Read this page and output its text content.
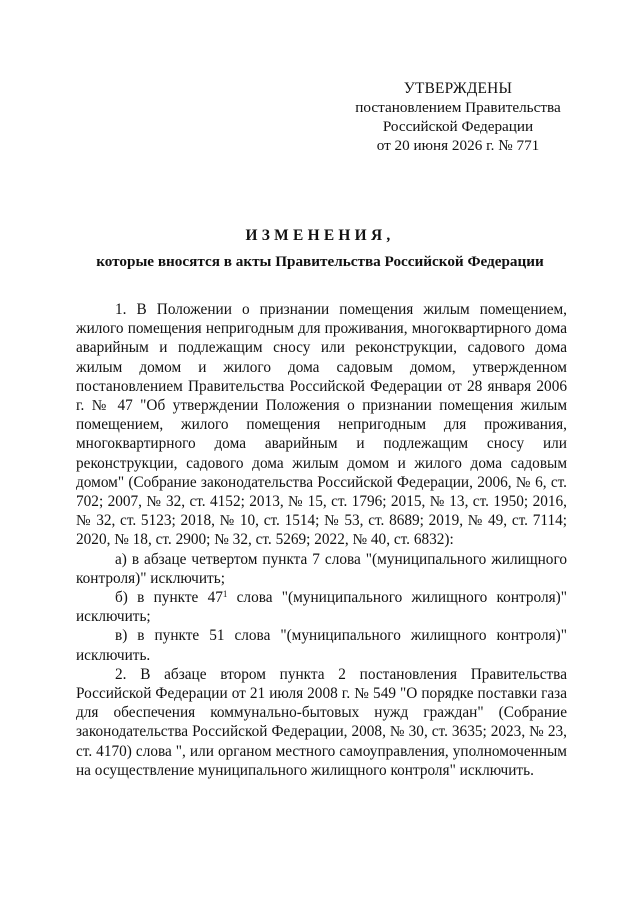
УТВЕРЖДЕНЫ
постановлением Правительства
Российской Федерации
от 20 июня 2026 г. № 771
ИЗМЕНЕНИЯ,
которые вносятся в акты Правительства Российской Федерации

1. В Положении о признании помещения жилым помещением, жилого помещения непригодным для проживания, многоквартирного дома аварийным и подлежащим сносу или реконструкции, садового дома жилым домом и жилого дома садовым домом, утвержденном постановлением Правительства Российской Федерации от 28 января 2006 г. № 47 "Об утверждении Положения о признании помещения жилым помещением, жилого помещения непригодным для проживания, многоквартирного дома аварийным и подлежащим сносу или реконструкции, садового дома жилым домом и жилого дома садовым домом" (Собрание законодательства Российской Федерации, 2006, № 6, ст. 702; 2007, № 32, ст. 4152; 2013, № 15, ст. 1796; 2015, № 13, ст. 1950; 2016, № 32, ст. 5123; 2018, № 10, ст. 1514; № 53, ст. 8689; 2019, № 49, ст. 7114; 2020, № 18, ст. 2900; № 32, ст. 5269; 2022, № 40, ст. 6832):

а) в абзаце четвертом пункта 7 слова "(муниципального жилищного контроля)" исключить;

б) в пункте $47^1$ слова "(муниципального жилищного контроля)" исключить;

в) в пункте 51 слова "(муниципального жилищного контроля)" исключить.

2. В абзаце втором пункта 2 постановления Правительства Российской Федерации от 21 июля 2008 г. № 549 "О порядке поставки газа для обеспечения коммунально-бытовых нужд граждан" (Собрание законодательства Российской Федерации, 2008, № 30, ст. 3635; 2023, № 23, ст. 4170) слова ", или органом местного самоуправления, уполномоченным на осуществление муниципального жилищного контроля" исключить.
